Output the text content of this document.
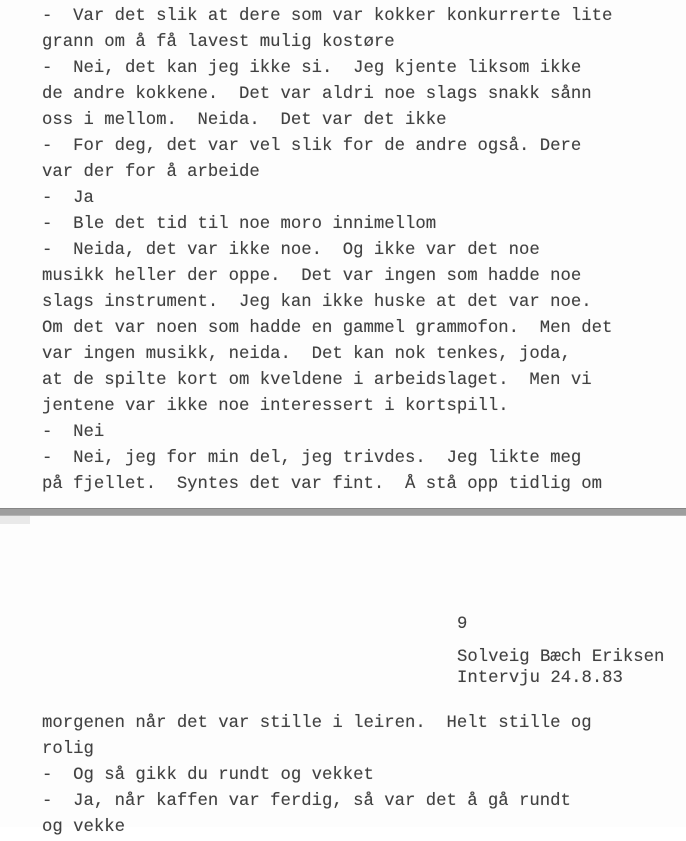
-  Var det slik at dere som var kokker konkurrerte lite
grann om å få lavest mulig kostøre
-  Nei, det kan jeg ikke si.  Jeg kjente liksom ikke
de andre kokkene.  Det var aldri noe slags snakk sånn
oss i mellom.  Neida.  Det var det ikke
-  For deg, det var vel slik for de andre også. Dere
var der for å arbeide
-  Ja
-  Ble det tid til noe moro innimellom
-  Neida, det var ikke noe.  Og ikke var det noe
musikk heller der oppe.  Det var ingen som hadde noe
slags instrument.  Jeg kan ikke huske at det var noe.
Om det var noen som hadde en gammel grammofon.  Men det
var ingen musikk, neida.  Det kan nok tenkes, joda,
at de spilte kort om kveldene i arbeidslaget.  Men vi
jentene var ikke noe interessert i kortspill.
-  Nei
-  Nei, jeg for min del, jeg trivdes.  Jeg likte meg
på fjellet.  Syntes det var fint.  Å stå opp tidlig om
9
Solveig Bæch Eriksen
Intervju 24.8.83
morgenen når det var stille i leiren.  Helt stille og
rolig
-  Og så gikk du rundt og vekket
-  Ja, når kaffen var ferdig, så var det å gå rundt
og vekke
